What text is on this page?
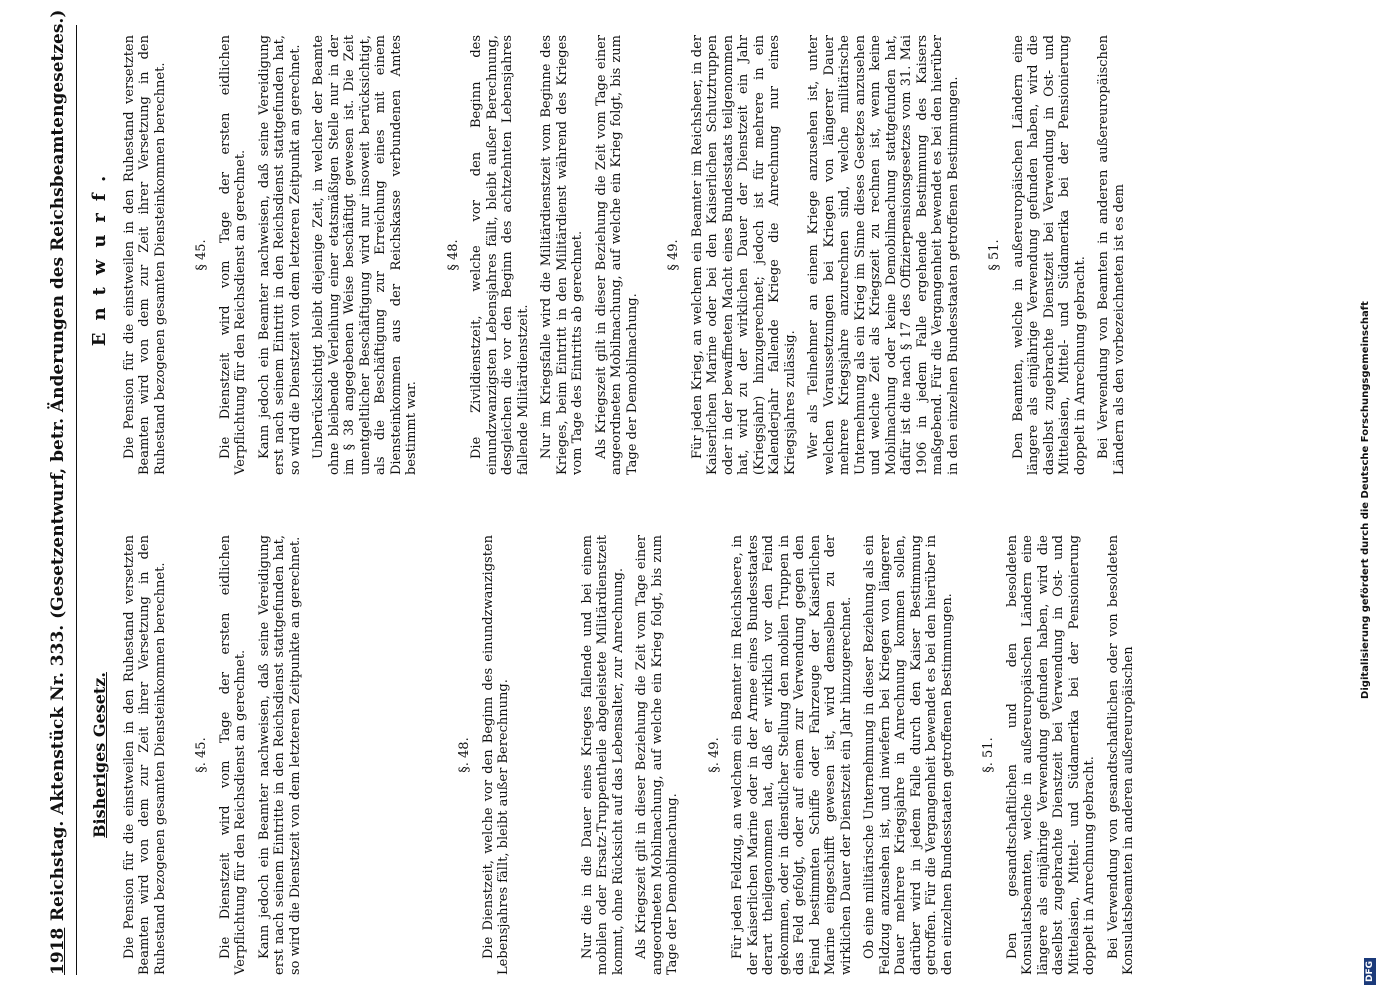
1918 Reichstag. Aktenstück Nr. 333. (Gesetzentwurf, betr. Änderungen des Reichsbeamtengesetzes.) Bisheriges Gesetz. Die Pension für die einstweilen in den Ruhestand versetzten Beamten wird von dem zur Zeit ihrer Versetzung in den Ruhestand bezogenen gesamten Diensteinkommen berechnet. §. 45. Die Dienstzeit wird vom Tage der ersten eidlichen Verpflichtung für den Reichsdienst an gerechnet. Kann jedoch ein Beamter nachweisen, daß seine Vereidigung erst nach seinem Eintritte in den Reichsdienst stattgefunden hat, so wird die Dienstzeit von dem letzteren Zeitpunkte an gerechnet.	§. 48. Die Dienstzeit, welche vor den Beginn des einundzwanzigsten Lebensjahres fällt, bleibt außer Berechnung.	Nur die in die Dauer eines Krieges fallende und bei einem mobilen oder Ersatz-Truppentheile abgeleistete Militärdienstzeit kommt, ohne Rücksicht auf das Lebensalter, zur Anrechnung. Als Kriegszeit gilt in dieser Beziehung die Zeit vom Tage einer angeordneten Mobilmachung, auf welche ein Krieg folgt, bis zum Tage der Demobilmachung.

§. 49. Für jeden Feldzug, an welchem ein Beamter im Reichsheere, in der Kaiserlichen Marine oder in der Armee eines Bundesstaates derart theilgenommen hat, daß er wirklich vor den Feind gekommen, oder in dienstlicher Stellung den mobilen Truppen in das Feld gefolgt, oder auf einem zur Verwendung gegen den Feind bestimmten Schiffe oder Fahrzeuge der Kaiserlichen Marine eingeschifft gewesen ist, wird demselben zu der wirklichen Dauer der Dienstzeit ein Jahr hinzugerechnet. Ob eine militärische Unternehmung in dieser Beziehung als ein Feldzug anzusehen ist, und inwiefern bei Kriegen von längerer Dauer mehrere Kriegsjahre in Anrechnung kommen sollen, darüber wird in jedem Falle durch den Kaiser Bestimmung getroffen. Für die Vergangenheit bewendet es bei den hierüber in den einzelnen Bundesstaaten getroffenen Bestimmungen. §. 51. Den gesandtschaftlichen und den besoldeten Konsulatsbeamten, welche in außereuropäischen Ländern eine längere als einjährige Verwendung gefunden haben, wird die daselbst zugebrachte Dienstzeit bei Verwendung in Ost- und Mittelasien, Mittel- und Südamerika bei der Pensionierung doppelt in Anrechnung gebracht. Bei Verwendung von gesandtschaftlichen oder von besoldeten Konsulatsbeamten in anderen außereuropäischen

Entwurf. Die Pension für die einstweilen in den Ruhestand versetzten Beamten wird von dem zur Zeit ihrer Versetzung in den Ruhestand bezogenen gesamten Diensteinkommen berechnet. § 45. Die Dienstzeit wird vom Tage der ersten eidlichen Verpflichtung für den Reichsdienst an gerechnet. Kann jedoch ein Beamter nachweisen, daß seine Vereidigung erst nach seinem Eintritt in den Reichsdienst stattgefunden hat, so wird die Dienstzeit von dem letzteren Zeitpunkt an gerechnet. Unberücksichtigt bleibt diejenige Zeit, in welcher der Beamte ohne bleibende Verleihung einer etatsmäßigen Stelle nur in der im § 38 angegebenen Weise beschäftigt gewesen ist. Die Zeit unentgeltlicher Beschäftigung wird nur insoweit berücksichtigt, als die Beschäftigung zur Erreichung eines mit einem Diensteinkommen aus der Reichskasse verbundenen Amtes bestimmt war.

§ 48. Die Zivildienstzeit, welche vor den Beginn des einundzwanzigsten Lebensjahres fällt, bleibt außer Berechnung, desgleichen die vor den Beginn des achtzehnten Lebensjahres fallende Militärdienstzeit. Nur im Kriegsfalle wird die Militärdienstzeit vom Beginne des Krieges, beim Eintritt in den Militärdienst während des Krieges vom Tage des Eintritts ab gerechnet. Als Kriegszeit gilt in dieser Beziehung die Zeit vom Tage einer angeordneten Mobilmachung, auf welche ein Krieg folgt, bis zum Tage der Demobilmachung.

§ 49. Für jeden Krieg, an welchem ein Beamter im Reichsheer, in der Kaiserlichen Marine oder bei den Kaiserlichen Schutztruppen oder in der bewaffneten Macht eines Bundesstaats teilgenommen hat, wird zu der wirklichen Dauer der Dienstzeit ein Jahr (Kriegsjahr) hinzugerechnet; jedoch ist für mehrere in ein Kalenderjahr fallende Kriege die Anrechnung nur eines Kriegsjahres zulässig. Wer als Teilnehmer an einem Kriege anzusehen ist, unter welchen Voraussetzungen bei Kriegen von längerer Dauer mehrere Kriegsjahre anzurechnen sind, welche militärische Unternehmung als ein Krieg im Sinne dieses Gesetzes anzusehen und welche Zeit als Kriegszeit zu rechnen ist, wenn keine Mobilmachung oder keine Demobilmachung stattgefunden hat, dafür ist die nach § 17 des Offizierpensionsgesetzes vom 31. Mai 1906 in jedem Falle ergehende Bestimmung des Kaisers maßgebend. Für die Vergangenheit bewendet es bei den hierüber in den einzelnen Bundesstaaten getroffenen Bestimmungen. § 51. Den Beamten, welche in außereuropäischen Ländern eine längere als einjährige Verwendung gefunden haben, wird die daselbst zugebrachte Dienstzeit bei Verwendung in Ost- und Mittelasien, Mittel- und Südamerika bei der Pensionierung doppelt in Anrechnung gebracht. Bei Verwendung von Beamten in anderen außereuropäischen Ländern als den vorbezeichneten ist es dem

DFG
Digitalisierung gefördert durch die Deutsche Forschungsgemeinschaft
